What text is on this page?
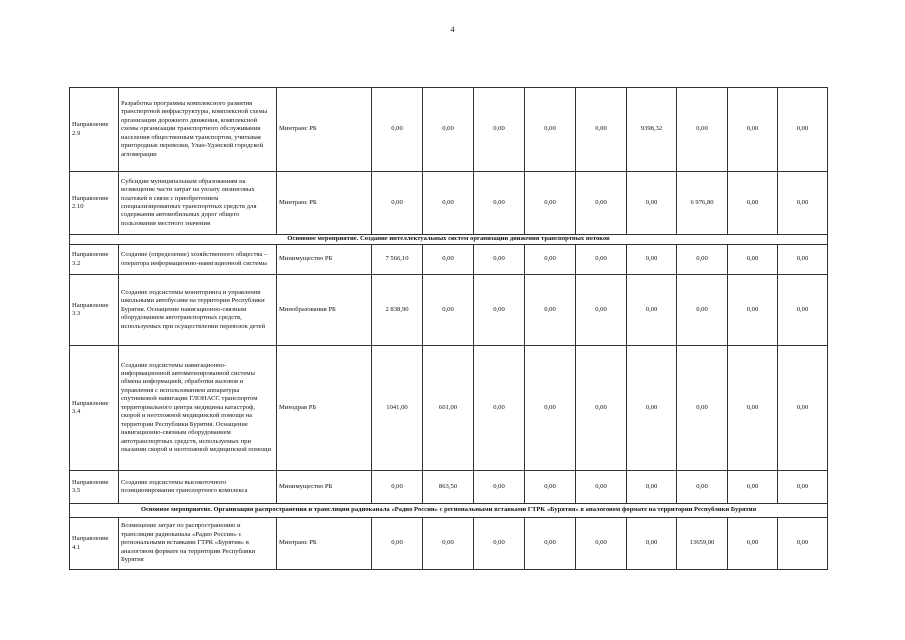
4
Направление 2.9	Разработка программы комплексного развития транспортной инфраструктуры, комплексной схемы организации дорожного движения, комплексной схемы организации транспортного обслуживания населения общественным транспортом, учитывая пригородные перевозки, Улан-Удэнской городской агломерации	Минтранс РБ	0,00	0,00	0,00	0,00	0,00	9398,32	0,00	0,00	0,00
Направление 2.10	Субсидии муниципальным образованиям на возмещение части затрат на уплату лизинговых платежей в связи с приобретением специализированных транспортных средств для содержания автомобильных дорог общего пользования местного значения	Минтранс РБ	0,00	0,00	0,00	0,00	0,00	0,00	6 976,80	0,00	0,00
Основное мероприятие. Создание интеллектуальных систем организации движения транспортных потоков											
Направление 3.2	Создание (определение) хозяйственного общества – оператора информационно-навигационной системы	Минимущество РБ	7 566,10	0,00	0,00	0,00	0,00	0,00	0,00	0,00	0,00
Направление 3.3	Создание подсистемы мониторинга и управления школьными автобусами на территории Республики Бурятия. Оснащение навигационно-связным оборудованием автотранспортных средств, используемых при осуществлении перевозок детей	Минобразования РБ	2 838,90	0,00	0,00	0,00	0,00	0,00	0,00	0,00	0,00
Направление 3.4	Создание подсистемы навигационно-информационной автоматизированной системы обмена информацией, обработки вызовов и управления с использованием аппаратуры спутниковой навигации ГЛОНАСС транспортом территориального центра медицины катастроф, скорой и неотложной медицинской помощи на территории Республики Бурятия. Оснащение навигационно-связным оборудованием автотранспортных средств, используемых при оказании скорой и неотложной медицинской помощи	Минздрав РБ	1041,00	601,00	0,00	0,00	0,00	0,00	0,00	0,00	0,00
Направление 3.5	Создание подсистемы высокоточного позиционирования транспортного комплекса	Минимущество РБ	0,00	863,50	0,00	0,00	0,00	0,00	0,00	0,00	0,00
Основное мероприятие. Организация распространения и трансляции радиоканала «Радио России» с региональными вставками ГТРК «Бурятия» в аналоговом формате на территории Республики Бурятия											
Направление 4.1	Возмещение затрат по распространению и трансляции радиоканала «Радио России» с региональными вставками ГТРК «Бурятия» в аналоговом формате на территории Республики Бурятия	Минтранс РБ	0,00	0,00	0,00	0,00	0,00	0,00	13659,00	0,00	0,00
